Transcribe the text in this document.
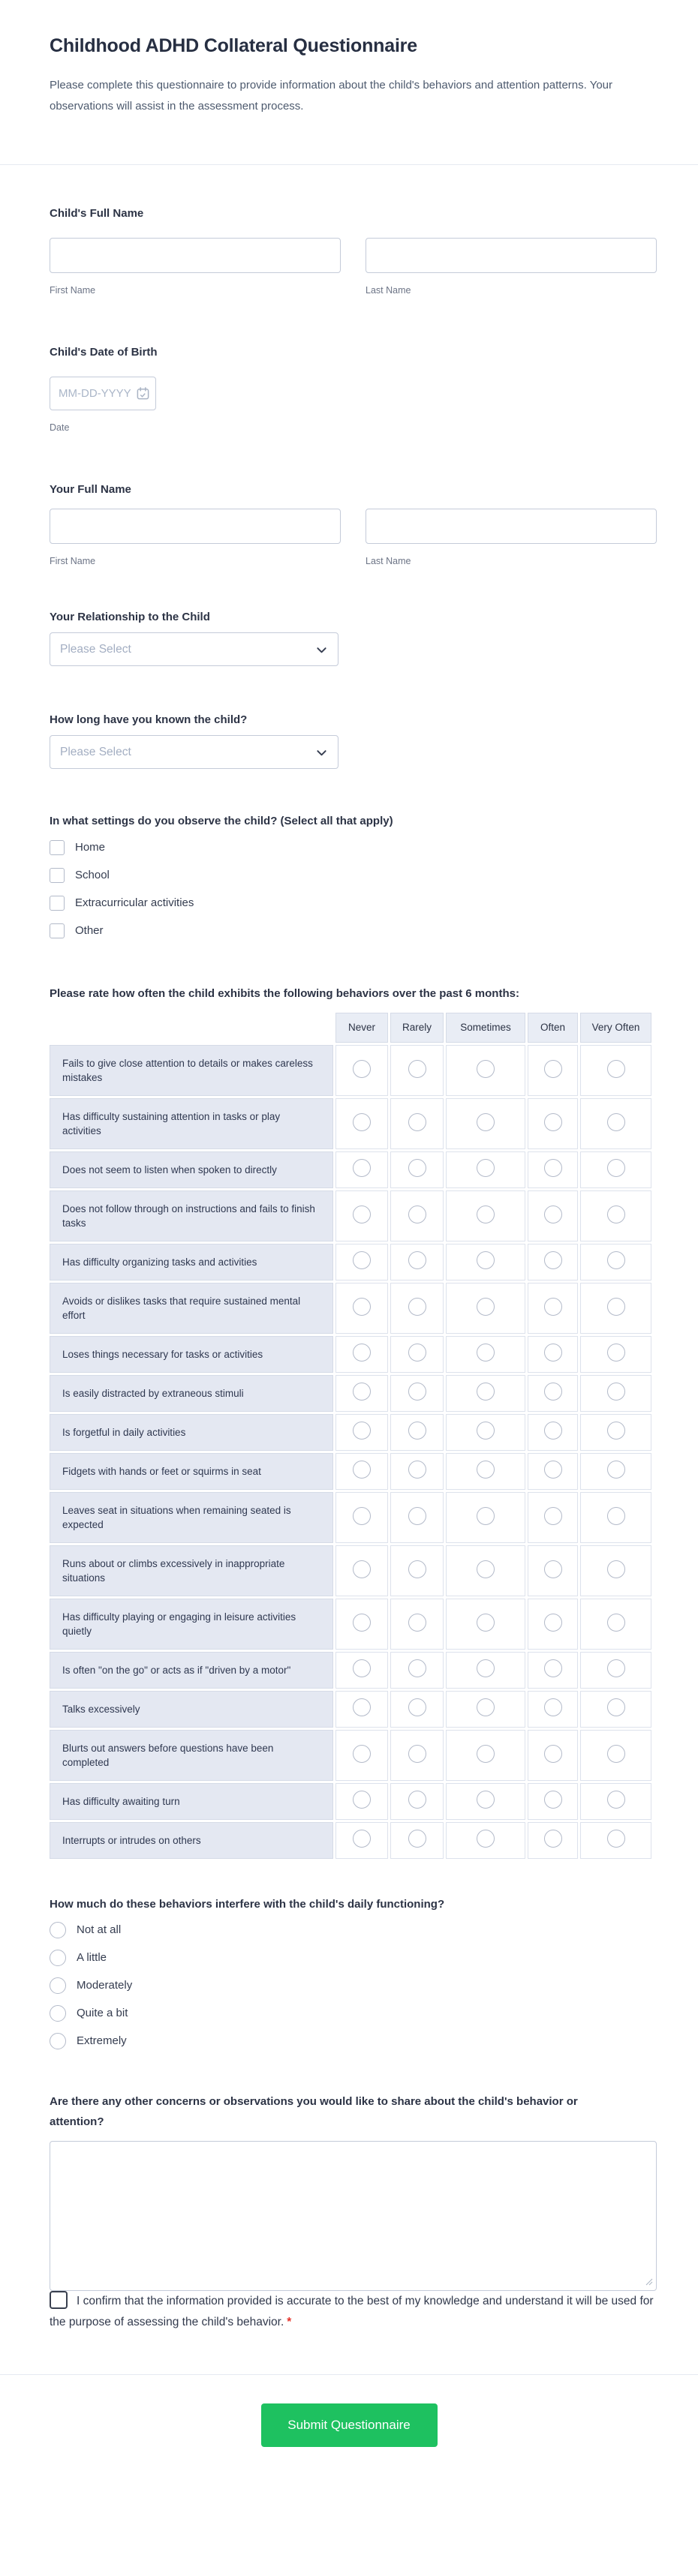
Childhood ADHD Collateral Questionnaire

Please complete this questionnaire to provide information about the child's behaviors and attention patterns. Your observations will assist in the assessment process.

Child's Full Name
First Name	Last Name
Child's Date of Birth
MM-DD-YYYY
Date
Your Full Name
First Name	Last Name
Your Relationship to the Child
Please Select
How long have you known the child?
Please Select
In what settings do you observe the child? (Select all that apply)
Home
School
Extracurricular activities
Other
Please rate how often the child exhibits the following behaviors over the past 6 months:
	Never	Rarely	Sometimes	Often	Very Often
Fails to give close attention to details or makes careless mistakes					
Has difficulty sustaining attention in tasks or play activities					
Does not seem to listen when spoken to directly					
Does not follow through on instructions and fails to finish tasks					
Has difficulty organizing tasks and activities					
Avoids or dislikes tasks that require sustained mental effort					
Loses things necessary for tasks or activities					
Is easily distracted by extraneous stimuli					
Is forgetful in daily activities					
Fidgets with hands or feet or squirms in seat					
Leaves seat in situations when remaining seated is expected					
Runs about or climbs excessively in inappropriate situations					
Has difficulty playing or engaging in leisure activities quietly					
Is often "on the go" or acts as if "driven by a motor"					
Talks excessively					
Blurts out answers before questions have been completed					
Has difficulty awaiting turn					
Interrupts or intrudes on others					
How much do these behaviors interfere with the child's daily functioning?
Not at all
A little
Moderately
Quite a bit
Extremely
Are there any other concerns or observations you would like to share about the child's behavior or attention?
I confirm that the information provided is accurate to the best of my knowledge and understand it will be used for the purpose of assessing the child's behavior. *
Submit Questionnaire
